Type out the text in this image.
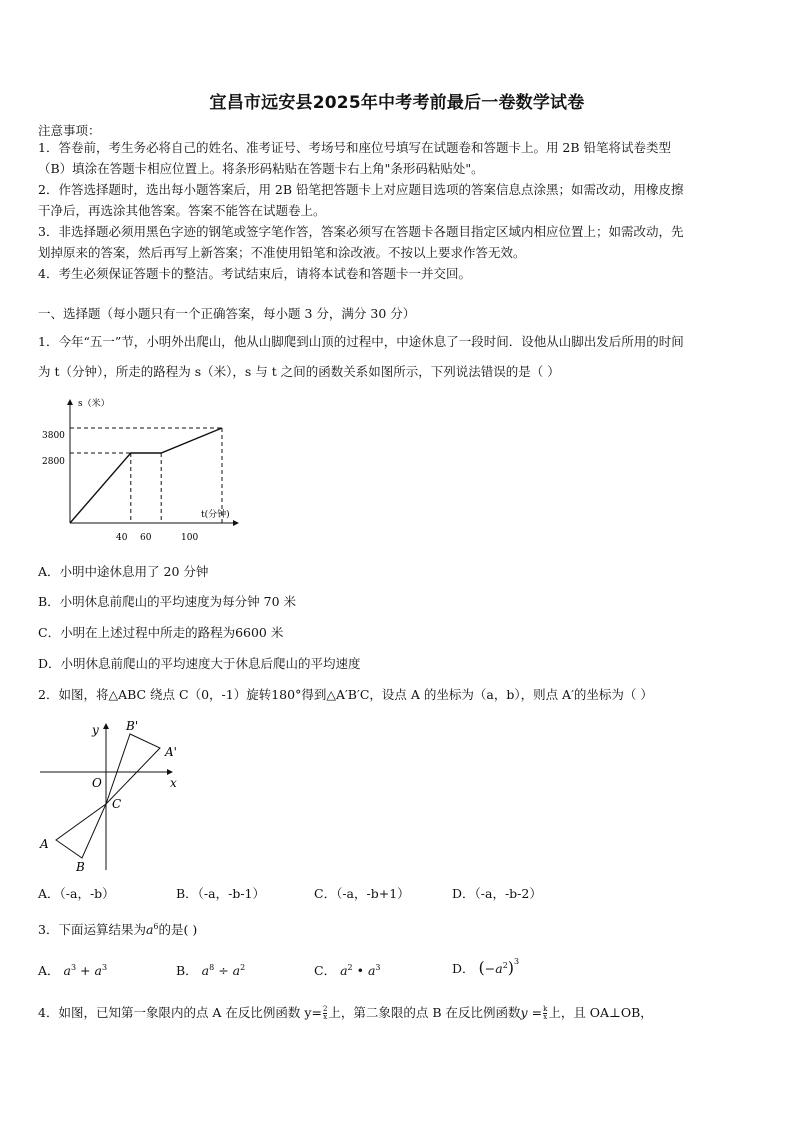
宜昌市远安县2025年中考考前最后一卷数学试卷
注意事项：
1．答卷前，考生务必将自己的姓名、准考证号、考场号和座位号填写在试题卷和答题卡上。用 2B 铅笔将试卷类型
（B）填涂在答题卡相应位置上。将条形码粘贴在答题卡右上角"条形码粘贴处"。
2．作答选择题时，选出每小题答案后，用 2B 铅笔把答题卡上对应题目选项的答案信息点涂黑；如需改动，用橡皮擦
干净后，再选涂其他答案。答案不能答在试题卷上。
3．非选择题必须用黑色字迹的钢笔或签字笔作答，答案必须写在答题卡各题目指定区域内相应位置上；如需改动，先
划掉原来的答案，然后再写上新答案；不准使用铅笔和涂改液。不按以上要求作答无效。
4．考生必须保证答题卡的整洁。考试结束后，请将本试卷和答题卡一并交回。
一、选择题（每小题只有一个正确答案，每小题 3 分，满分 30 分）
1．今年“五一”节，小明外出爬山，他从山脚爬到山顶的过程中，中途休息了一段时间．设他从山脚出发后所用的时间
为 t（分钟），所走的路程为 s（米），s 与 t 之间的函数关系如图所示，下列说法错误的是（ ）
s（米）
t(分钟)
3800
2800
40 60	100
A．小明中途休息用了 20 分钟
B．小明休息前爬山的平均速度为每分钟 70 米
C．小明在上述过程中所走的路程为6600 米
D．小明休息前爬山的平均速度大于休息后爬山的平均速度
2．如图，将△ABC 绕点 C（0，-1）旋转180°得到△A′B′C，设点 A 的坐标为（a，b），则点 A′的坐标为（ ）
y
x
O
C
A
B
A'
B'
A．（-a，-b）	B．（-a，-b-1）	C．（-a，-b+1）	D．（-a，-b-2）
3．下面运算结果为$a^6$的是( )
A． $a^3 + a^3$	B． $a^8 \div a^2$	C． $a^2$ • $a^3$	D． $(-a^2)^3$
4．如图，已知第一象限内的点 A 在反比例函数 $y= \frac{2}{x}$ 上，第二象限的点 B 在反比例函数$y = \frac{k}{x}$ 上，且 OA⊥OB，
